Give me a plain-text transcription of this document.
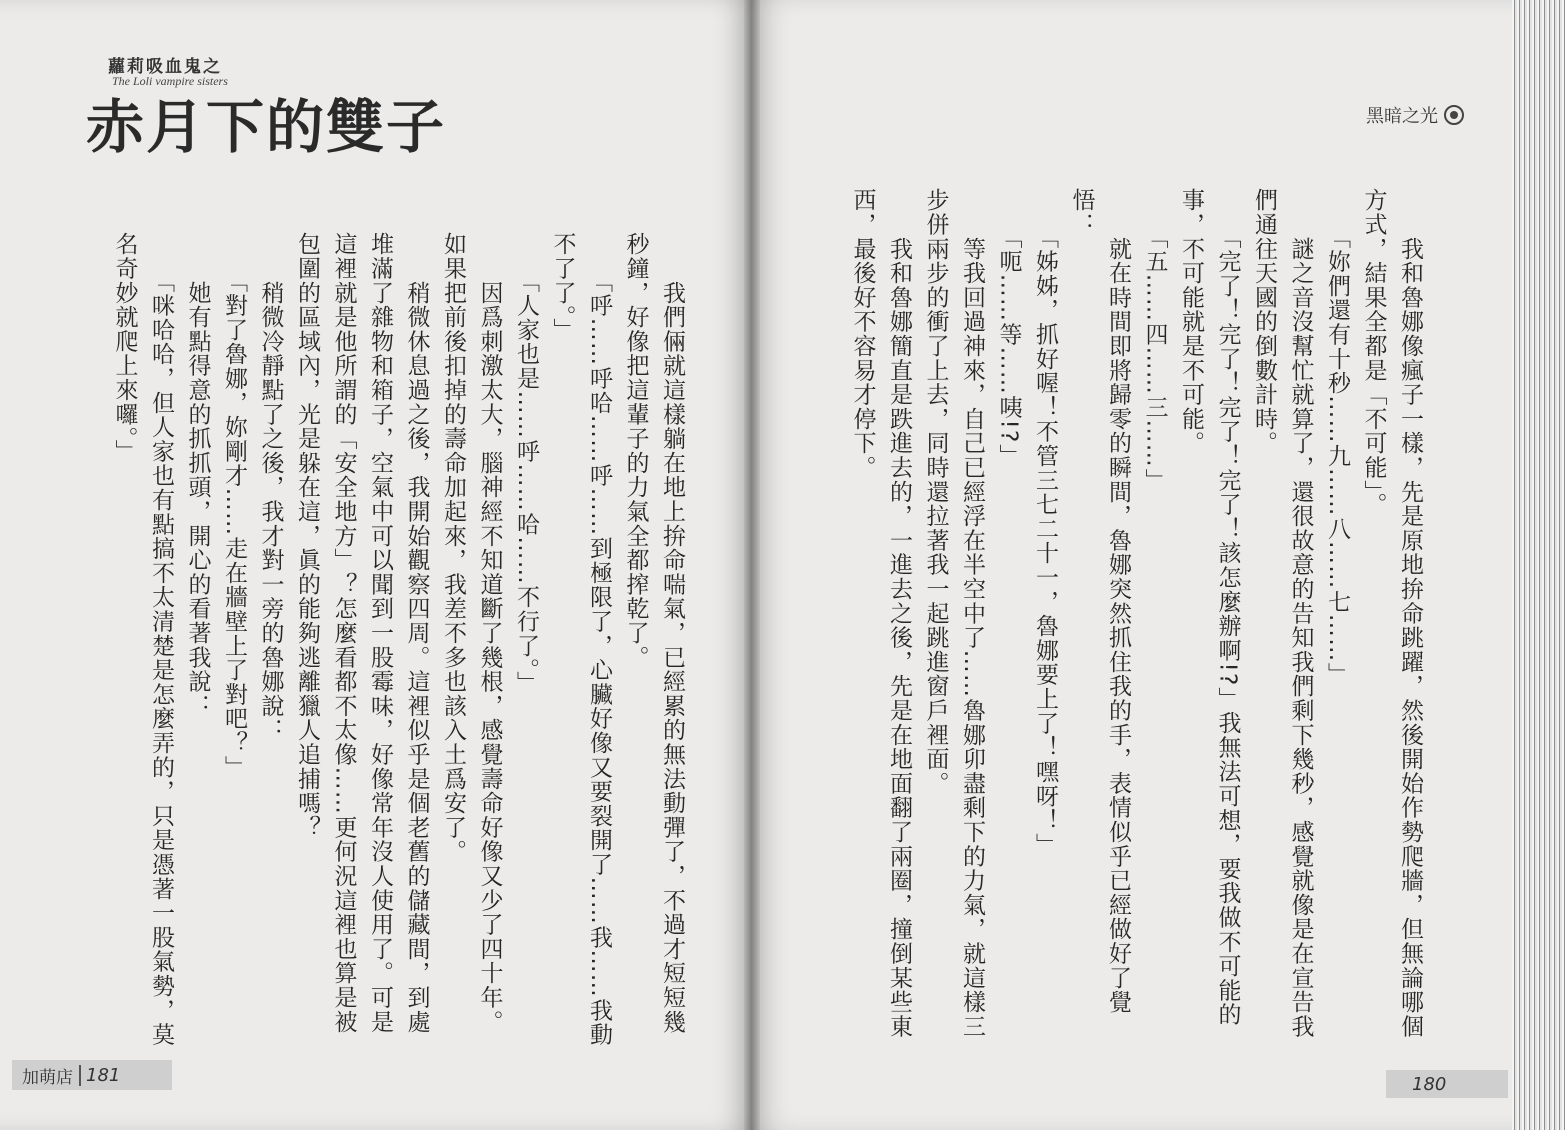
蘿莉吸血鬼之
The Loli vampire sisters
赤月下的雙子

　　我們倆就這樣躺在地上拚命喘氣，已經累的無法動彈了，不過才短短幾秒鐘，好像把這輩子的力氣全都搾乾了。

　　「呼……呼哈……呼……到極限了，心臟好像又要裂開了……我……我動不了了。」

　　「人家也是……呼……哈……不行了。」

　　因爲刺激太大，腦神經不知道斷了幾根，感覺壽命好像又少了四十年。如果把前後扣掉的壽命加起來，我差不多也該入土爲安了。

　　稍微休息過之後，我開始觀察四周。這裡似乎是個老舊的儲藏間，到處堆滿了雜物和箱子，空氣中可以聞到一股霉味，好像常年沒人使用了。可是這裡就是他所謂的「安全地方」？怎麼看都不太像……更何況這裡也算是被包圍的區域內，光是躲在這，眞的能夠逃離獵人追捕嗎？

　　稍微冷靜點了之後，我才對一旁的魯娜說：

　　「對了魯娜，妳剛才……走在牆壁上了對吧？」

　　她有點得意的抓抓頭，開心的看著我說：

　　「咪哈哈，但人家也有點搞不太清楚是怎麼弄的，只是憑著一股氣勢，莫名奇妙就爬上來囉。」

加萌店 181
黑暗之光

　　我和魯娜像瘋子一樣，先是原地拚命跳躍，然後開始作勢爬牆，但無論哪個方式，結果全都是「不可能」。

　　「妳們還有十秒……九……八……七……」

　　謎之音沒幫忙就算了，還很故意的告知我們剩下幾秒，感覺就像是在宣告我們通往天國的倒數計時。

　　「完了！完了！完了！完了！該怎麼辦啊!?」我無法可想，要我做不可能的事，不可能就是不可能。

　　「五……四……三……」

　　就在時間即將歸零的瞬間，魯娜突然抓住我的手，表情似乎已經做好了覺悟：

　　「姊姊，抓好喔！不管三七二十一，魯娜要上了！嘿呀！」

　　「呃……等……咦!?」

　　等我回過神來，自己已經浮在半空中了……魯娜卯盡剩下的力氣，就這樣三步併兩步的衝了上去，同時還拉著我一起跳進窗戶裡面。

　　我和魯娜簡直是跌進去的，一進去之後，先是在地面翻了兩圈，撞倒某些東西，最後好不容易才停下。

180
